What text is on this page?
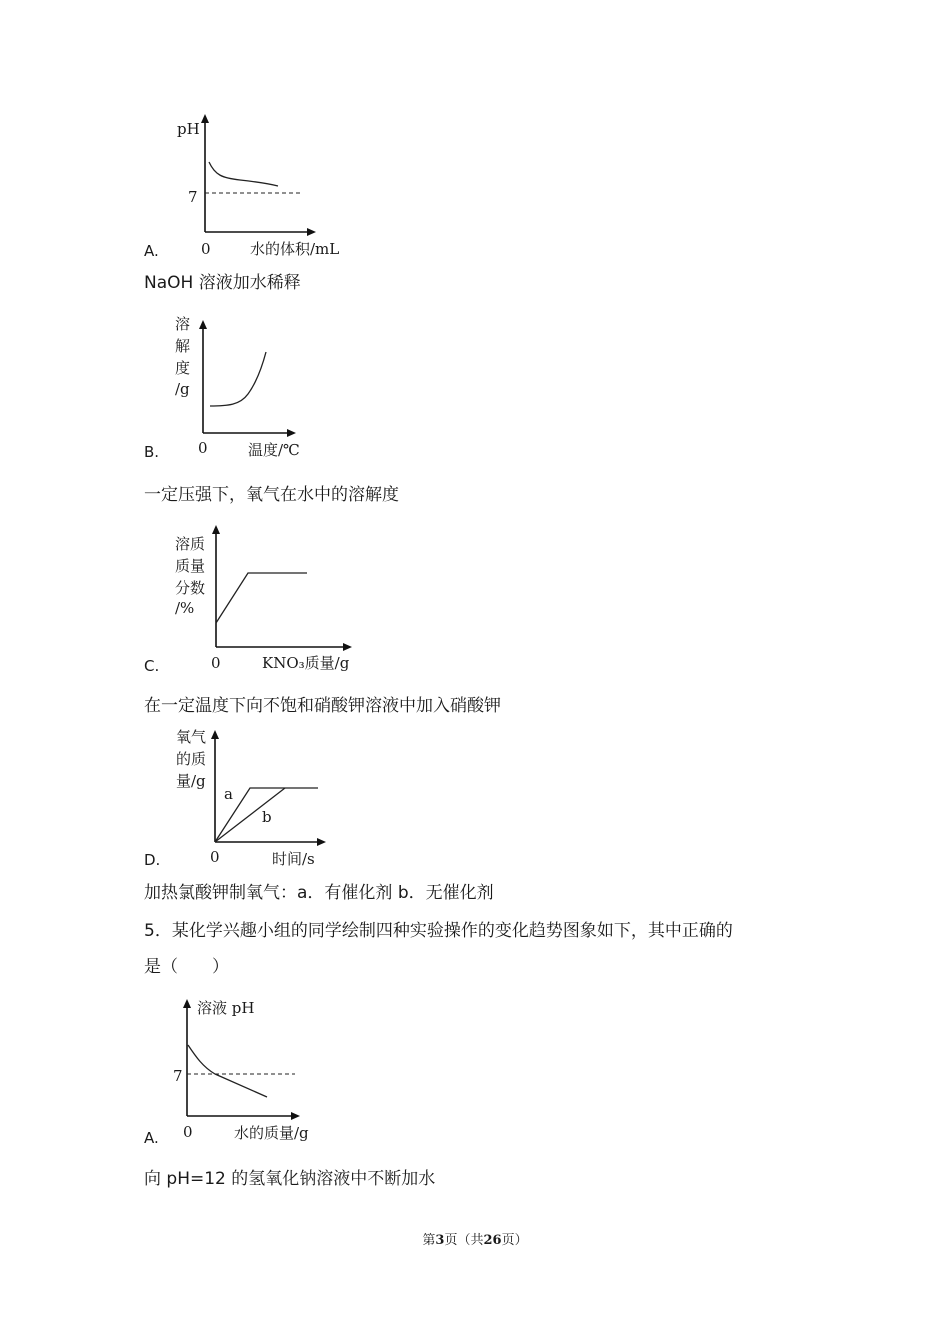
pH
7
0	水的体积/mL
A.
NaOH 溶液加水稀释
溶
解
度
/g
0	温度/℃
B.
一定压强下，氧气在水中的溶解度
溶质
质量
分数
/%
0	KNO₃质量/g
C.
在一定温度下向不饱和硝酸钾溶液中加入硝酸钾
氧气
的质
量/g
a
b
0	时间/s
D.
加热氯酸钾制氧气：a．有催化剂 b．无催化剂
5．某化学兴趣小组的同学绘制四种实验操作的变化趋势图象如下，其中正确的
是（　　）
溶液 pH
7
0	水的质量/g
A.
向 pH=12 的氢氧化钠溶液中不断加水
第3页（共26页）
